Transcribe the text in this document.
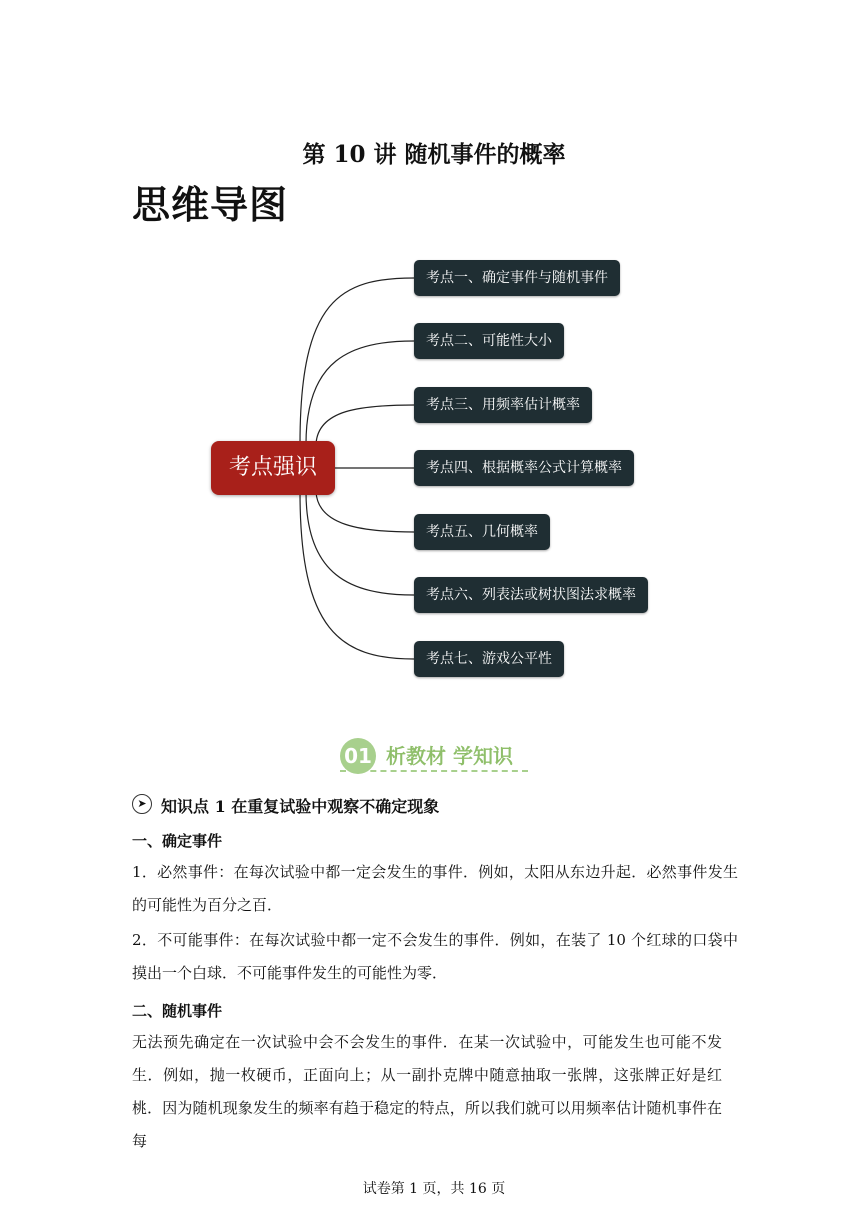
第 10 讲 随机事件的概率
思维导图
考点强识
考点一、确定事件与随机事件
考点二、可能性大小
考点三、用频率估计概率
考点四、根据概率公式计算概率
考点五、几何概率
考点六、列表法或树状图法求概率
考点七、游戏公平性
01 析教材 学知识
➤ 知识点 1 在重复试验中观察不确定现象
一、确定事件
1．必然事件：在每次试验中都一定会发生的事件．例如，太阳从东边升起．必然事件发生的可能性为百分之百．
2．不可能事件：在每次试验中都一定不会发生的事件．例如，在装了 10 个红球的口袋中摸出一个白球．不可能事件发生的可能性为零．
二、随机事件
无法预先确定在一次试验中会不会发生的事件．在某一次试验中，可能发生也可能不发生．例如，抛一枚硬币，正面向上；从一副扑克牌中随意抽取一张牌，这张牌正好是红桃．因为随机现象发生的频率有趋于稳定的特点，所以我们就可以用频率估计随机事件在每
试卷第 1 页，共 16 页
